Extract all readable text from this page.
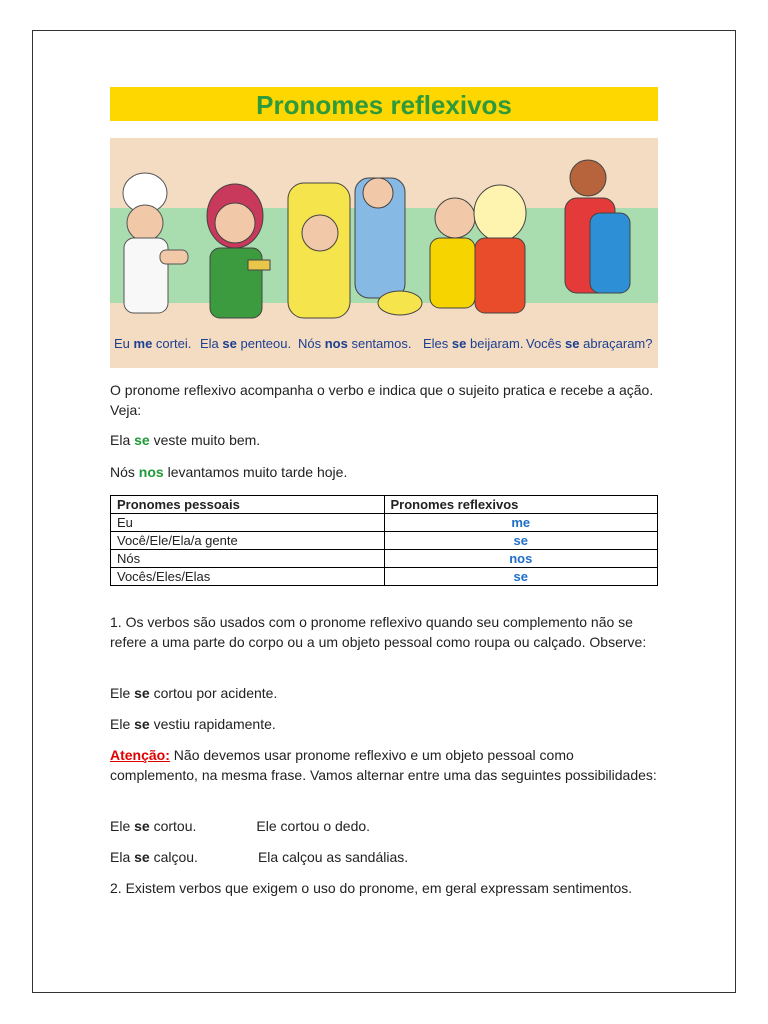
Pronomes reflexivos
Eu me cortei. Ela se penteou. Nós nos sentamos. Eles se beijaram. Vocês se abraçaram?
O pronome reflexivo acompanha o verbo e indica que o sujeito pratica e recebe a ação. Veja:
Ela se veste muito bem.
Nós nos levantamos muito tarde hoje.
Pronomes pessoais	Pronomes reflexivos
Eu	me
Você/Ele/Ela/a gente	se
Nós	nos
Vocês/Eles/Elas	se
1. Os verbos são usados com o pronome reflexivo quando seu complemento não se refere a uma parte do corpo ou a um objeto pessoal como roupa ou calçado. Observe:
Ele se cortou por acidente.
Ele se vestiu rapidamente.
Atenção: Não devemos usar pronome reflexivo e um objeto pessoal como complemento, na mesma frase. Vamos alternar entre uma das seguintes possibilidades:
Ele se cortou.	Ele cortou o dedo.
Ela se calçou.	Ela calçou as sandálias.
2. Existem verbos que exigem o uso do pronome, em geral expressam sentimentos.
